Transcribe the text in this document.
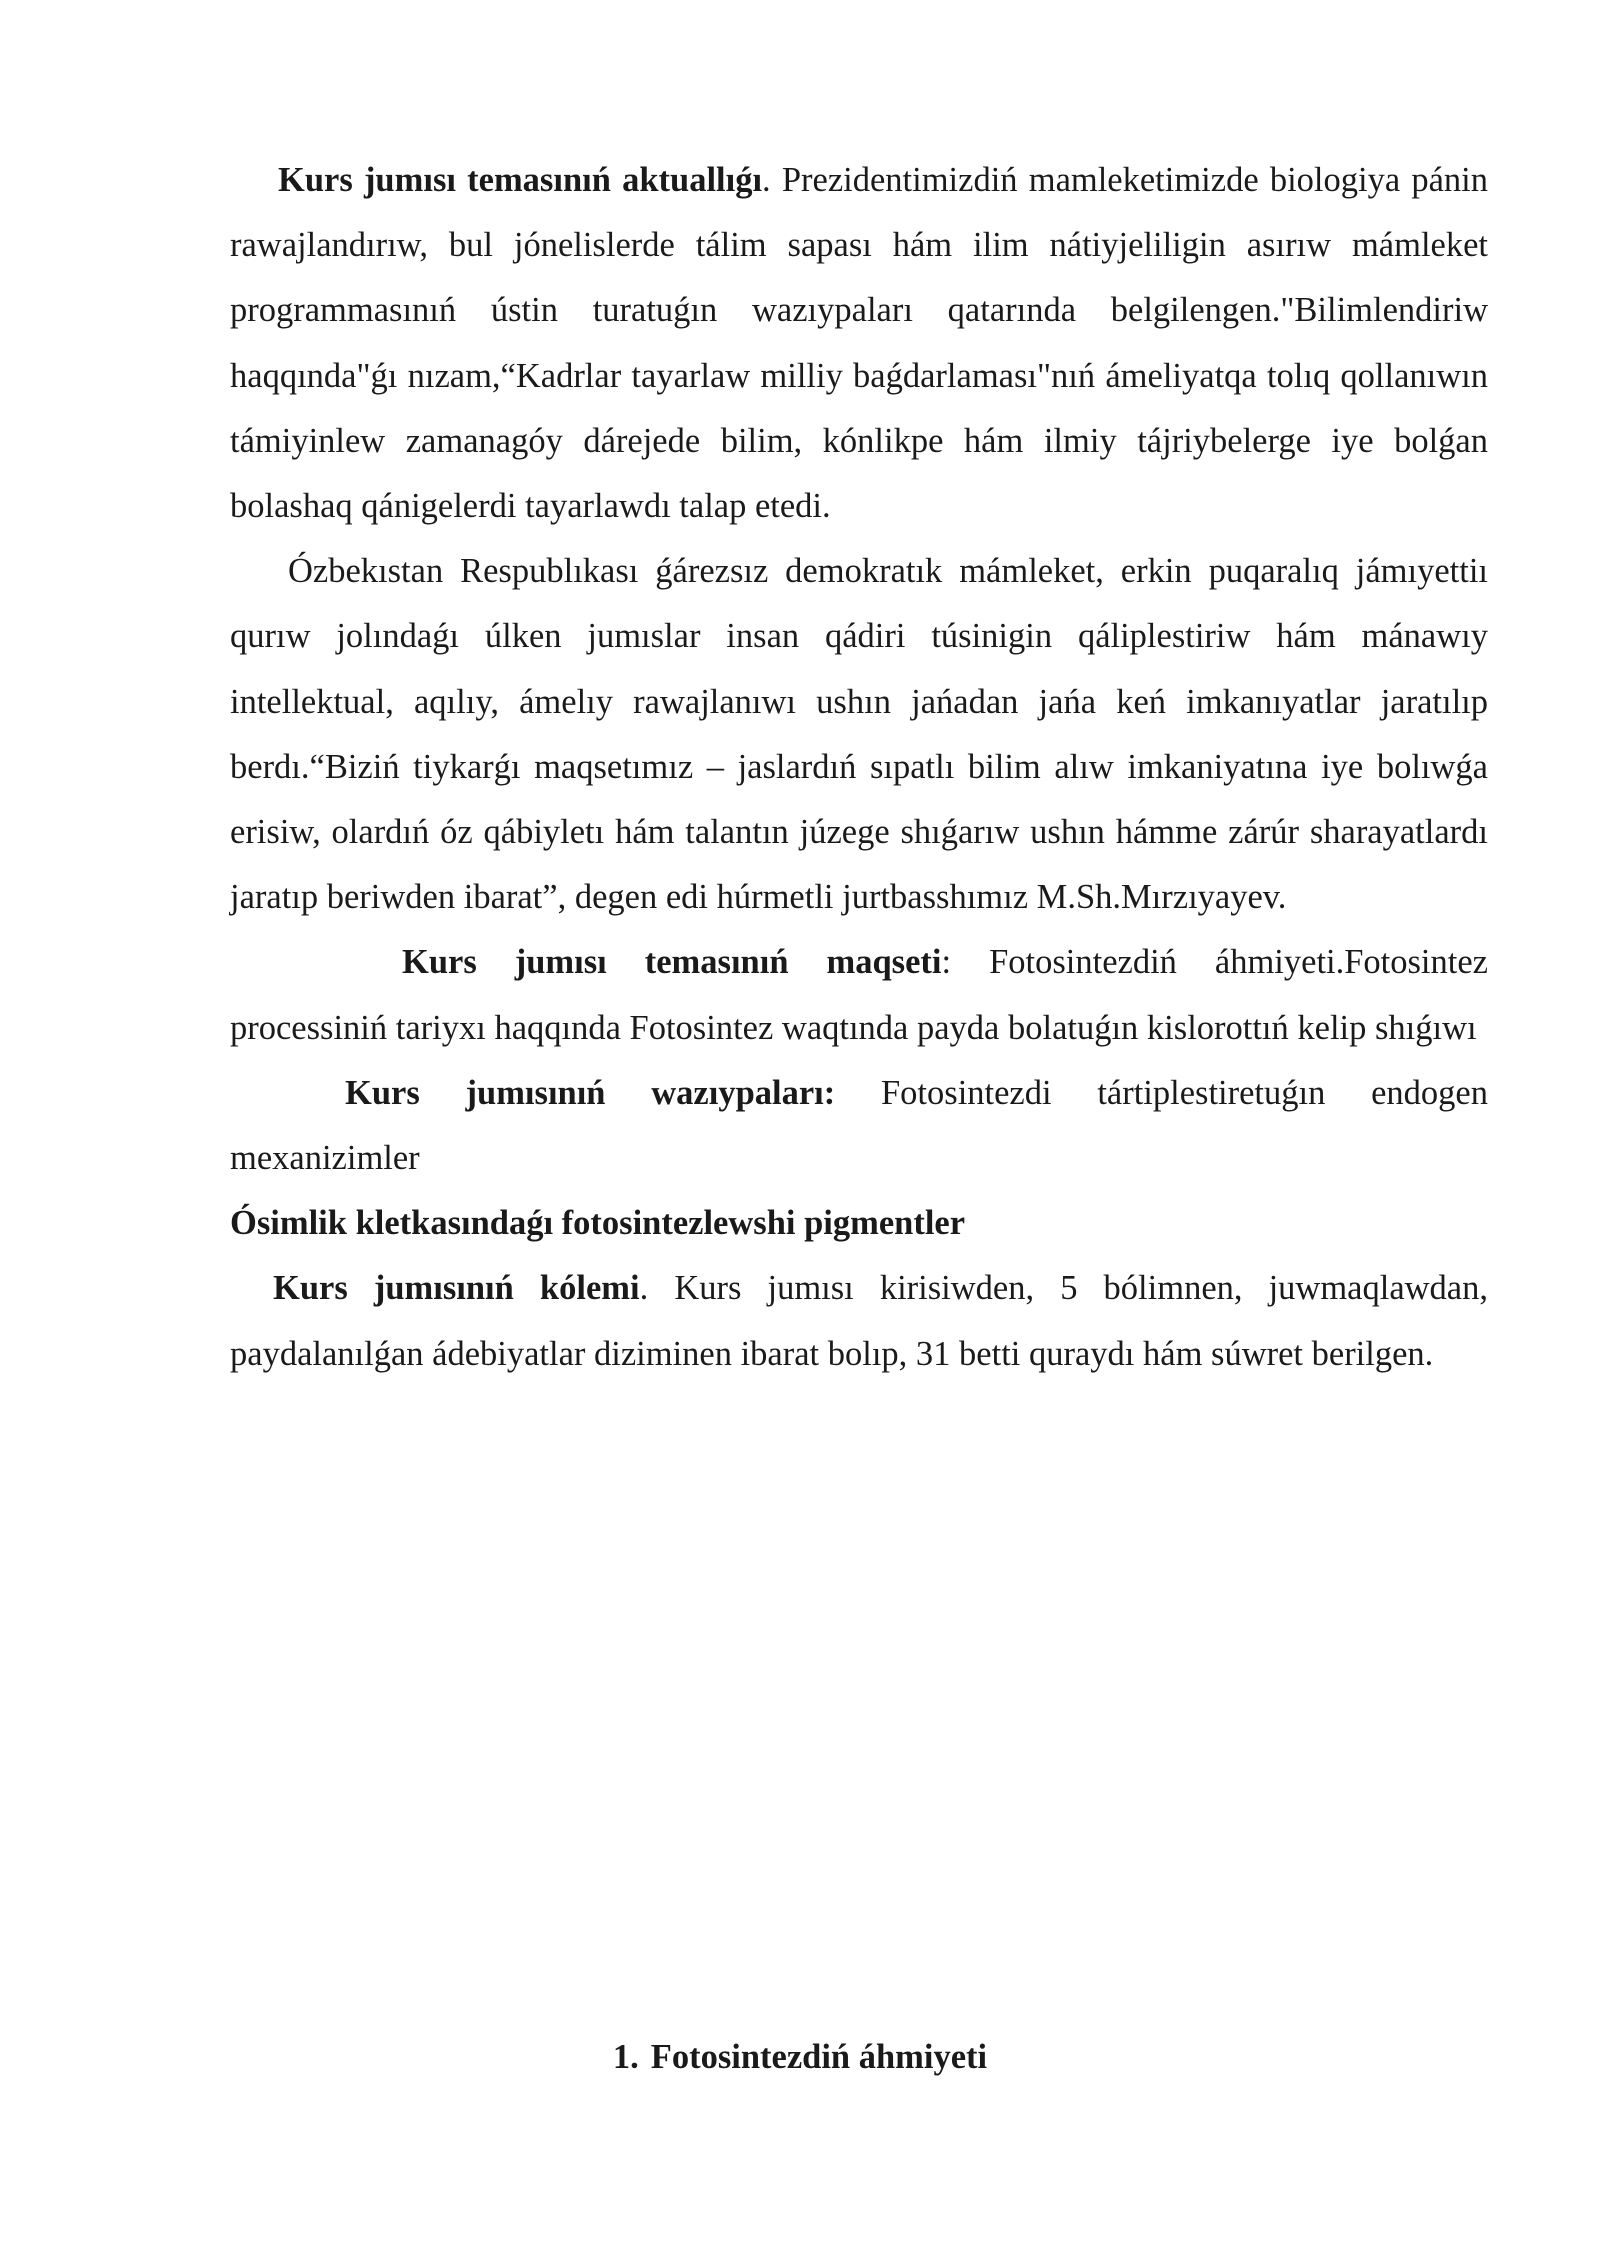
Kurs jumısı temasınıń aktuallıǵı. Prezidentimizdiń mamleketimizde biologiya pánin rawajlandırıw, bul jónelislerde tálim sapası hám ilim nátiyjeliligin asırıw mámleket programmasınıń ústin turatuǵın wazıypaları qatarında belgilengen."Bilimlendiriw haqqında"ǵı nızam,“Kadrlar tayarlaw milliy baǵdarlaması"nıń ámeliyatqa tolıq qollanıwın támiyinlew zamanagóy dárejede bilim, kónlikpe hám ilmiy tájriybelerge iye bolǵan bolashaq qánigelerdi tayarlawdı talap etedi.

Ózbekıstan Respublıkası ǵárezsız demokratık mámleket, erkin puqaralıq jámıyettiı qurıw jolındaǵı úlken jumıslar insan qádiri túsinigin qáliplestiriw hám mánawıy intellektual, aqılıy, ámelıy rawajlanıwı ushın jańadan jańa keń imkanıyatlar jaratılıp berdı.“Biziń tiykarǵı maqsetımız – jaslardıń sıpatlı bilim alıw imkaniyatına iye bolıwǵa erisiw, olardıń óz qábiyletı hám talantın júzege shıǵarıw ushın hámme zárúr sharayatlardı jaratıp beriwden ibarat”, degen edi húrmetli jurtbasshımız M.Sh.Mırzıyayev.

Kurs jumısı temasınıń maqseti: Fotosintezdiń áhmiyeti.Fotosintez processiniń tariyxı haqqında Fotosintez waqtında payda bolatuǵın kislorottıń kelip shıǵıwı

Kurs jumısınıń wazıypaları: Fotosintezdi tártiplestiretuǵın endogen mexanizimler

Ósimlik kletkasındaǵı fotosintezlewshi pigmentler

Kurs jumısınıń kólemi. Kurs jumısı kirisiwden, 5 bólimnen, juwmaqlawdan, paydalanılǵan ádebiyatlar diziminen ibarat bolıp, 31 betti quraydı hám súwret berilgen.

1. Fotosintezdiń áhmiyeti
